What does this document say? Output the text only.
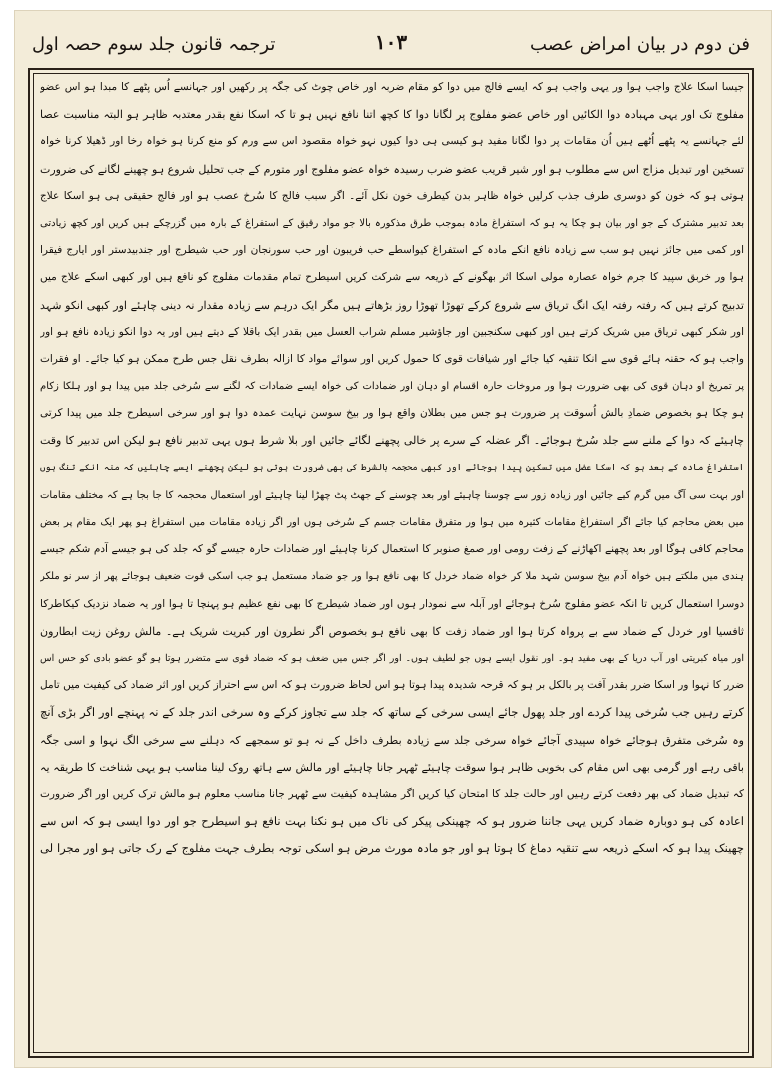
فن دوم در بیان امراض عصب
۱۰۳
ترجمہ قانون جلد سوم حصہ اول
جیسا اسکا علاج واجب ہوا ور یہی واجب ہو کہ ایسے فالج میں دوا کو مقام ضربہ اور خاص چوٹ کی جگہ پر رکھیں اور جہانسے اُس پٹھے کا مبدا ہو اس عضو
مفلوج تک اور یہی مہبادہ دوا الکائیں اور خاص عضو مفلوج پر لگانا دوا کا کچھ اتنا نافع نہیں ہو تا کہ اسکا نفع بقدر معتدبہ ظاہر ہو البتہ مناسبت عصا
لئے جہانسے یہ پٹھے اُٹھے ہیں اُن مقامات پر دوا لگانا مفید ہو کیسی ہی دوا کیوں نہو خواہ مقصود اس سے ورم کو منع کرنا ہو خواہ رخا اور ڈھیلا کرنا خواہ
تسخین اور تبدیل مزاج اس سے مطلوب ہو اور شیر قریب عضو ضرب رسیدہ خواہ عضو مفلوج اور متورم کے جب تحلیل شروع ہو چھینے لگانے کی ضرورت
ہوتی ہو کہ خون کو دوسری طرف جذب کرلیں خواہ ظاہر بدن کیطرف خون نکل آئے۔ اگر سبب فالج کا سُرخ عصب ہو اور فالج حقیقی ہی ہو اسکا علاج
بعد تدبیر مشترک کے جو اور بیان ہو چکا یہ ہو کہ استفراغ مادہ بموجب طرق مذکورہ بالا جو مواد رقیق کے استفراغ کے بارہ میں گزرچکے ہیں کریں اور کچھ زیادتی
اور کمی میں جائز نہیں ہو سب سے زیادہ نافع انکے مادہ کے استفراغ کیواسطے حب فریبون اور حب سورنجان اور حب شیطرج اور جندبیدستر اور ایارج فیقرا
ہوا ور خربق سپید کا جرم خواہ عصارہ مولی اسکا اثر بھگونے کے ذریعہ سے شرکت کریں اسیطرح تمام مقدمات مفلوج کو نافع ہیں اور کبھی اسکے علاج میں
تدبیج کرتے ہیں کہ رفتہ رفتہ ایک انگ تریاق سے شروع کرکے تھوڑا تھوڑا روز بڑھاتے ہیں مگر ایک درہم سے زیادہ مقدار نہ دینی چاہئے اور کبھی انکو شہد
اور شکر کبھی تریاق میں شریک کرتے ہیں اور کبھی سکنجبین اور جاؤشیر مسلم شراب العسل میں بقدر ایک باقلا کے دیتے ہیں اور یہ دوا انکو زیادہ نافع ہو اور
واجب ہو کہ حقنہ ہائے قوی سے انکا تنقیہ کیا جائے اور شیافات قوی کا حمول کریں اور سوائے مواد کا ازالہ بطرف نقل جس طرح ممکن ہو کیا جائے۔ او فقرات
پر تمریخ او دہان قوی کی بھی ضرورت ہوا ور مروخات حارہ اقسام او دہان اور ضمادات کی خواہ ایسے ضمادات کہ لگنے سے سُرخی جلد میں پیدا ہو اور ہلکا زکام
ہو چکا ہو بخصوص ضمادِ بالش اُسوقت پر ضرورت ہو جس میں بطلان واقع ہوا ور بیخ سوسن نہایت عمدہ دوا ہو اور سرخی اسیطرح جلد میں پیدا کرتی
چاہیئے کہ دوا کے ملنے سے جلد سُرخ ہوجائے۔ اگر عضلہ کے سرے پر خالی پچھنے لگائے جائیں اور بلا شرط ہوں یہی تدبیر نافع ہو لیکن اس تدبیر کا وقت
استفراغ مادہ کے بعد ہو کہ اسکا عضل میں تسکین پیدا ہوجائے اور کبھی محجمہ بالشرط کی بھی ضرورت ہوتی ہو لیکن پچھنے ایسے چاہئیں کہ منہ انکے تنگ ہوں
اور بہت سی آگ میں گرم کیے جائیں اور زیادہ زور سے چوسنا چاہیئے اور بعد چوسنے کے جھٹ پٹ چھڑا لینا چاہیئے اور استعمال محجمہ کا جا بجا ہے کہ مختلف مقامات
میں بعض محاجم کیا جائے اگر استفراغ مقامات کثیرہ میں ہوا ور متفرق مقامات جسم کے سُرخی ہوں اور اگر زیادہ مقامات میں استفراغ ہو پھر ایک مقام پر بعض
محاجم کافی ہوگا اور بعد پچھنے اکھاڑنے کے زفت رومی اور صمغ صنوبر کا استعمال کرنا چاہیئے اور ضمادات حارہ جیسے گو کہ جلد کی ہو جیسے آدم شکم جیسے
ہندی میں ملکتے ہیں خواہ آدم بیخ سوسن شہد ملا کر خواہ ضماد خردل کا بھی نافع ہوا ور جو ضماد مستعمل ہو جب اسکی قوت ضعیف ہوجائے پھر از سر نو ملکر
دوسرا استعمال کریں تا انکہ عضو مفلوج سُرخ ہوجائے اور آبلہ سے نمودار ہوں اور ضماد شیطرج کا بھی نفع عظیم ہو پہنچا تا ہوا اور یہ ضماد نزدیک کیکاطرکا
ثافسیا اور خردل کے ضماد سے بے پرواہ کرتا ہوا اور ضماد زفت کا بھی نافع ہو بخصوص اگر نطرون اور کبریت شریک ہے۔ مالش روغن زیت ابطارون
اور میاہ کبریتی اور آب دریا کے بھی مفید ہو۔ اور نقول ایسے ہوں جو لطیف ہوں۔ اور اگر جس میں ضعف ہو کہ ضماد قوی سے متضرر ہوتا ہو گو عضو بادی کو حس اس
ضرر کا نہوا ور اسکا ضرر بقدر آفت پر بالکل بر ہو کہ قرحہ شدیدہ پیدا ہوتا ہو اس لحاظ ضرورت ہو کہ اس سے احتراز کریں اور اثر ضماد کی کیفیت میں تامل
کرتے رہیں جب سُرخی پیدا کردے اور جلد پھول جائے ایسی سرخی کے ساتھ کہ جلد سے تجاوز کرکے وہ سرخی اندر جلد کے نہ پہنچے اور اگر بڑی آنچ
وہ سُرخی متفرق ہوجائے خواہ سپیدی آجائے خواہ سرخی جلد سے زیادہ بطرف داخل کے نہ ہو تو سمجھے کہ دہلنے سے سرخی الگ نہوا و اسی جگہ
باقی رہے اور گرمی بھی اس مقام کی بخوبی ظاہر ہوا سوقت چاہیئے ٹھہر جانا چاہیئے اور مالش سے ہاتھ روک لینا مناسب ہو یہی شناخت کا طریقہ یہ
کہ تبدیل ضماد کی بھر دفعت کرتے رہیں اور حالت جلد کا امتحان کیا کریں اگر مشاہدہ کیفیت سے ٹھہر جانا مناسب معلوم ہو مالش ترک کریں اور اگر ضرورت
اعادہ کی ہو دوبارہ ضماد کریں یہی جاننا ضرور ہو کہ چھینکی پیکر کی ناک میں ہو نکنا بہت نافع ہو اسیطرح جو اور دوا ایسی ہو کہ اس سے
چھینک پیدا ہو کہ اسکے ذریعہ سے تنقیہ دماغ کا ہوتا ہو اور جو مادہ مورث مرض ہو اسکی توجہ بطرف جہت مفلوج کے رک جاتی ہو اور مجرا لی
